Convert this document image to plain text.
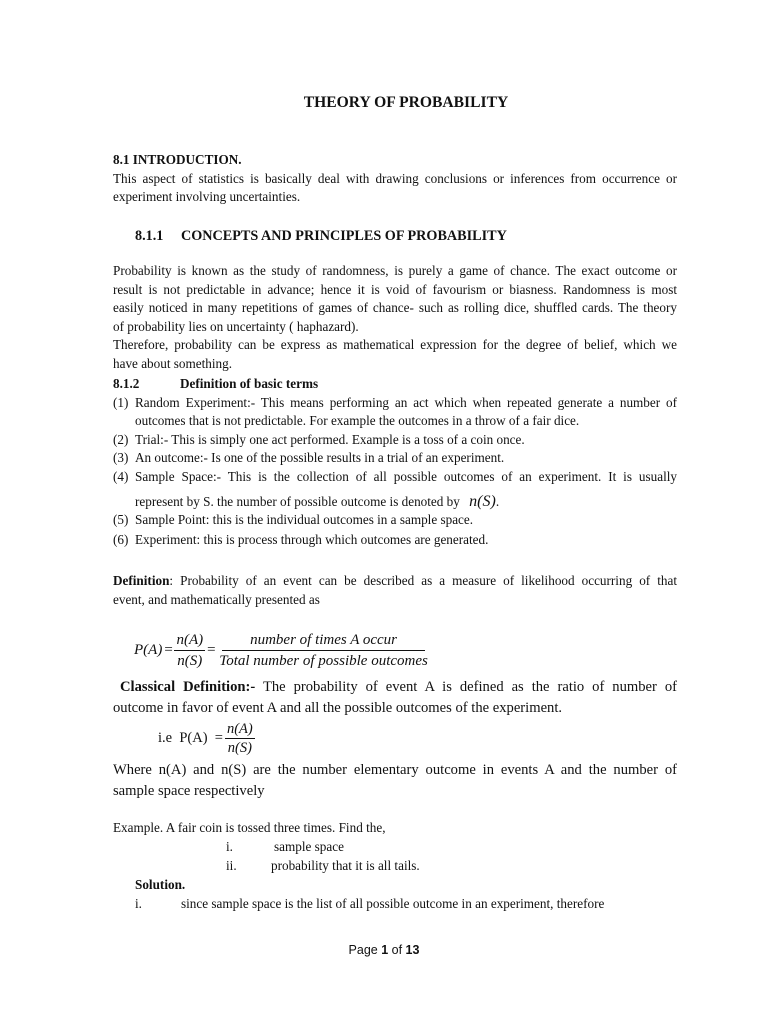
THEORY OF PROBABILITY
8.1 INTRODUCTION.
This aspect of statistics is basically deal with drawing conclusions or inferences from occurrence or
experiment involving uncertainties.
8.1.1 CONCEPTS AND PRINCIPLES OF PROBABILITY
Probability is known as the study of randomness, is purely a game of chance. The exact outcome or
result is not predictable in advance; hence it is void of favourism or biasness. Randomness is most
easily noticed in many repetitions of games of chance- such as rolling dice, shuffled cards. The theory
of probability lies on uncertainty ( haphazard).
Therefore, probability can be express as mathematical expression for the degree of belief, which we
have about something.
8.1.2	Definition of basic terms
(1) Random Experiment:- This means performing an act which when repeated generate a number of
outcomes that is not predictable. For example the outcomes in a throw of a fair dice.
(2) Trial:- This is simply one act performed. Example is a toss of a coin once.
(3) An outcome:- Is one of the possible results in a trial of an experiment.
(4) Sample Space:- This is the collection of all possible outcomes of an experiment. It is usually
represent by S. the number of possible outcome is denoted by n(S).
(5) Sample Point: this is the individual outcomes in a sample space.
(6) Experiment: this is process through which outcomes are generated.
Definition: Probability of an event can be described as a measure of likelihood occurring of that
event, and mathematically presented as
$P(A) = \frac{n(A)}{n(S)}$ =
number of times A occur
Total number of possible outcomes
Classical Definition:- The probability of event A is defined as the ratio of number of
outcome in favor of event A and all the possible outcomes of the experiment.
i.e  $P(A) = \frac{n(A)}{n(S)}$
Where n(A) and n(S) are the number elementary outcome in events A and the number of
sample space respectively
Example. A fair coin is tossed three times. Find the,
i.	sample space
ii.	probability that it is all tails.
Solution.
i.	since sample space is the list of all possible outcome in an experiment, therefore
Page 1 of 13
